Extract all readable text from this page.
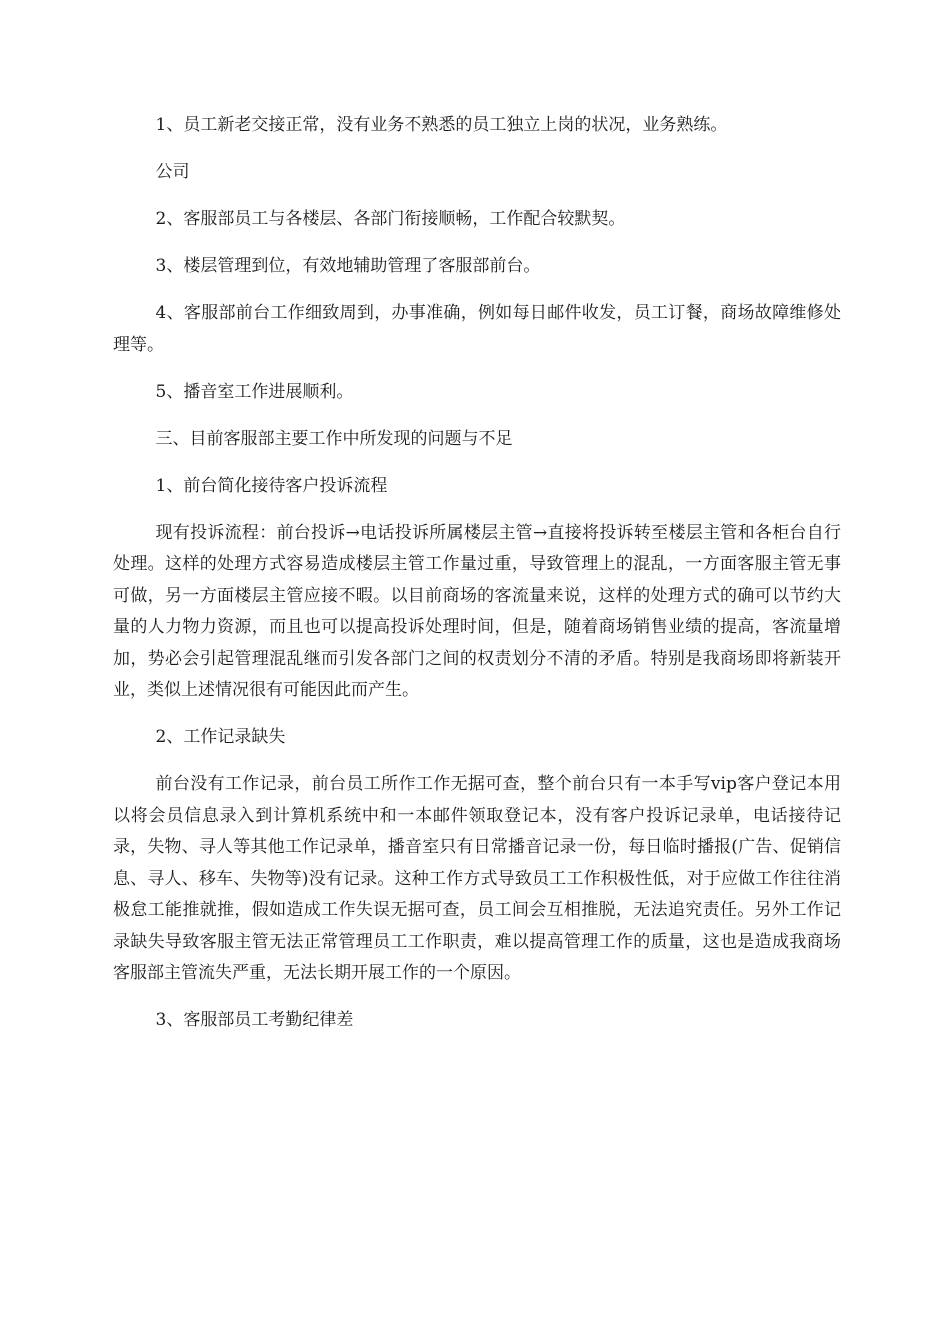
1、员工新老交接正常，没有业务不熟悉的员工独立上岗的状况，业务熟练。

公司

2、客服部员工与各楼层、各部门衔接顺畅，工作配合较默契。

3、楼层管理到位，有效地辅助管理了客服部前台。

4、客服部前台工作细致周到，办事准确，例如每日邮件收发，员工订餐，商场故障维修处理等。

5、播音室工作进展顺利。

三、目前客服部主要工作中所发现的问题与不足

1、前台简化接待客户投诉流程

现有投诉流程：前台投诉→电话投诉所属楼层主管→直接将投诉转至楼层主管和各柜台自行处理。这样的处理方式容易造成楼层主管工作量过重，导致管理上的混乱，一方面客服主管无事可做，另一方面楼层主管应接不暇。以目前商场的客流量来说，这样的处理方式的确可以节约大量的人力物力资源，而且也可以提高投诉处理时间，但是，随着商场销售业绩的提高，客流量增加，势必会引起管理混乱继而引发各部门之间的权责划分不清的矛盾。特别是我商场即将新装开业，类似上述情况很有可能因此而产生。

2、工作记录缺失

前台没有工作记录，前台员工所作工作无据可查，整个前台只有一本手写vip客户登记本用以将会员信息录入到计算机系统中和一本邮件领取登记本，没有客户投诉记录单，电话接待记录，失物、寻人等其他工作记录单，播音室只有日常播音记录一份，每日临时播报(广告、促销信息、寻人、移车、失物等)没有记录。这种工作方式导致员工工作积极性低，对于应做工作往往消极怠工能推就推，假如造成工作失误无据可查，员工间会互相推脱，无法追究责任。另外工作记录缺失导致客服主管无法正常管理员工工作职责，难以提高管理工作的质量，这也是造成我商场客服部主管流失严重，无法长期开展工作的一个原因。

3、客服部员工考勤纪律差
